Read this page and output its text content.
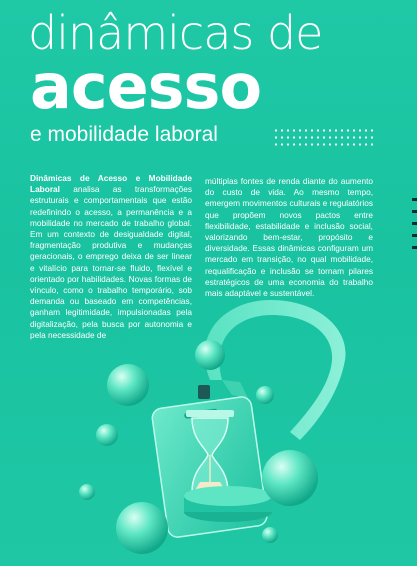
dinâmicas de
acesso
e mobilidade laboral
Dinâmicas de Acesso e Mobilidade Laboral analisa as transformações estruturais e comportamentais que estão redefinindo o acesso, a permanência e a mobilidade no mercado de trabalho global. Em um contexto de desigualdade digital, fragmentação produtiva e mudanças geracionais, o emprego deixa de ser linear e vitalício para tornar-se fluido, flexível e orientado por habilidades. Novas formas de vínculo, como o trabalho temporário, sob demanda ou baseado em competências, ganham legitimidade, impulsionadas pela digitalização, pela busca por autonomia e pela necessidade de
múltiplas fontes de renda diante do aumento do custo de vida. Ao mesmo tempo, emergem movimentos culturais e regulatórios que propõem novos pactos entre flexibilidade, estabilidade e inclusão social, valorizando bem-estar, propósito e diversidade. Essas dinâmicas configuram um mercado em transição, no qual mobilidade, requalificação e inclusão se tornam pilares estratégicos de uma economia do trabalho mais adaptável e sustentável.
